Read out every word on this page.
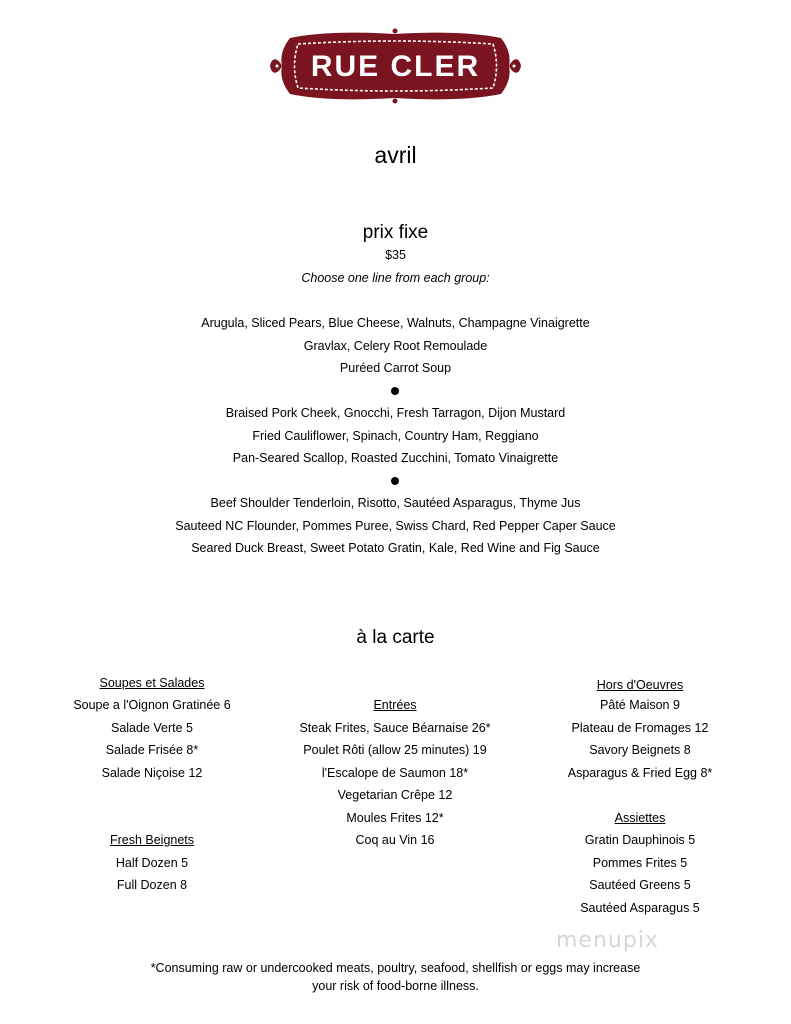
RUE CLER
avril
prix fixe
$35
Choose one line from each group:
Arugula, Sliced Pears, Blue Cheese, Walnuts, Champagne Vinaigrette
Gravlax, Celery Root Remoulade
Puréed Carrot Soup
Braised Pork Cheek, Gnocchi, Fresh Tarragon, Dijon Mustard
Fried Cauliflower, Spinach, Country Ham, Reggiano
Pan-Seared Scallop, Roasted Zucchini, Tomato Vinaigrette
Beef Shoulder Tenderloin, Risotto, Sautéed Asparagus, Thyme Jus
Sauteed NC Flounder, Pommes Puree, Swiss Chard, Red Pepper Caper Sauce
Seared Duck Breast, Sweet Potato Gratin, Kale, Red Wine and Fig Sauce
à la carte
Soupes et Salades
Soupe a l'Oignon Gratinée 6
Salade Verte 5
Salade Frisée 8*
Salade Niçoise 12
Fresh Beignets
Half Dozen 5
Full Dozen 8
Entrées
Steak Frites, Sauce Béarnaise 26*
Poulet Rôti (allow 25 minutes) 19
l'Escalope de Saumon 18*
Vegetarian Crêpe 12
Moules Frites 12*
Coq au Vin 16
Hors d'Oeuvres
Pâté Maison 9
Plateau de Fromages 12
Savory Beignets 8
Asparagus & Fried Egg 8*
Assiettes
Gratin Dauphinois 5
Pommes Frites 5
Sautéed Greens 5
Sautéed Asparagus 5
menupix
*Consuming raw or undercooked meats, poultry, seafood, shellfish or eggs may increase
your risk of food-borne illness.
